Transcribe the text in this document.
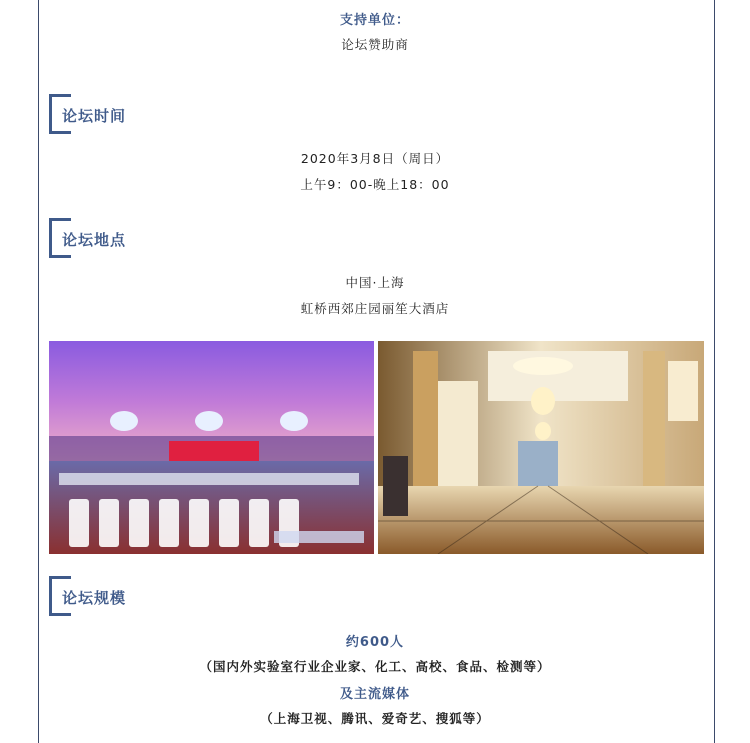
支持单位：
论坛赞助商
论坛时间
2020年3月8日（周日）
上午9：00-晚上18：00
论坛地点
中国·上海
虹桥西郊庄园丽笙大酒店
论坛规模
约600人
（国内外实验室行业企业家、化工、高校、食品、检测等）
及主流媒体
（上海卫视、腾讯、爱奇艺、搜狐等）
